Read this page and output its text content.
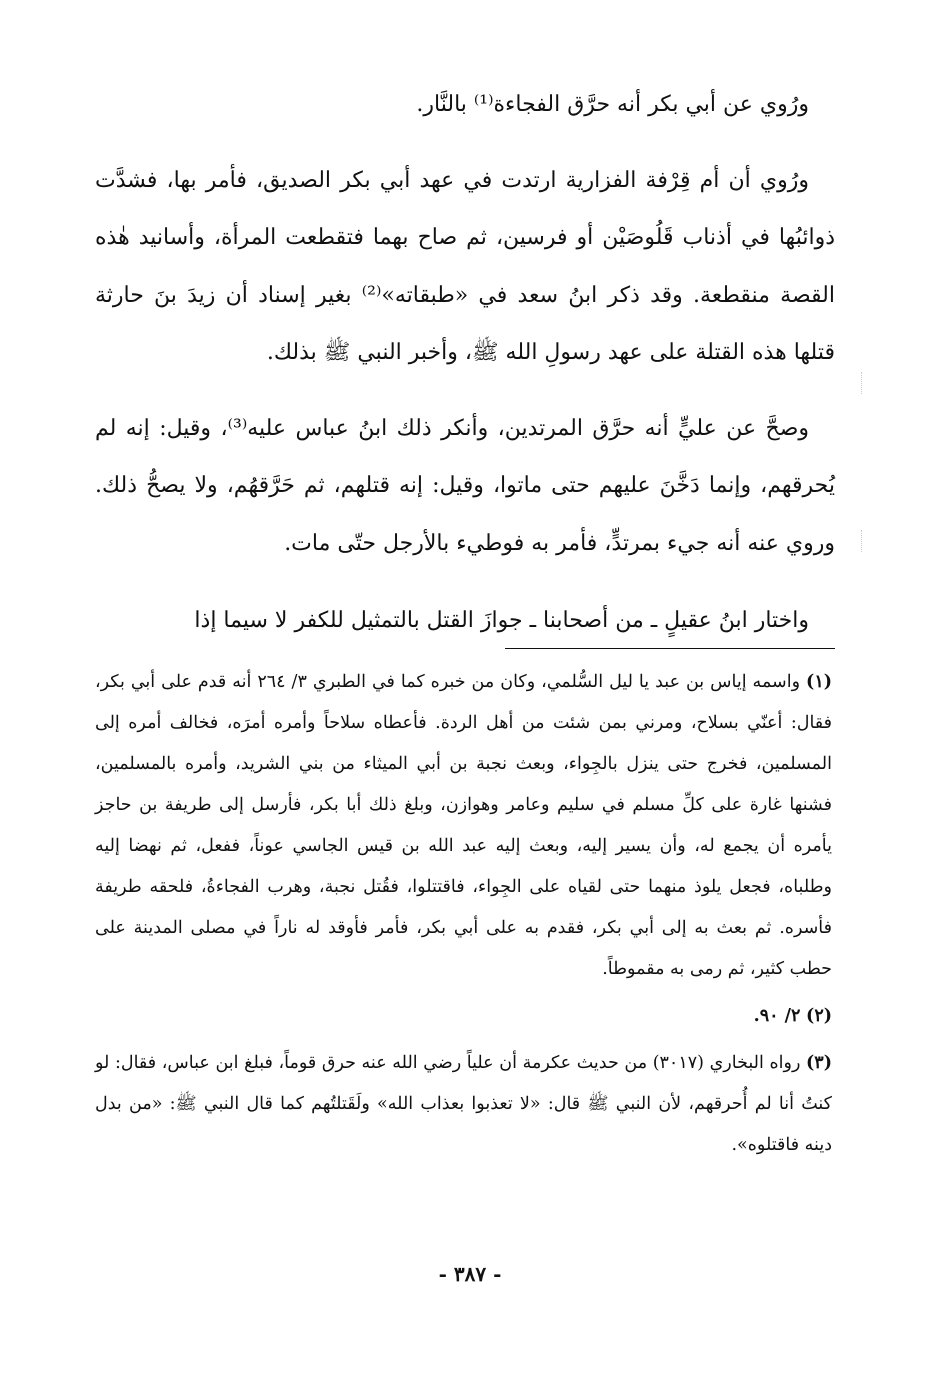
ورُوي عن أبي بكر أنه حرَّق الفجاءة⁽¹⁾ بالنَّار.

ورُوي أن أم قِرْفة الفزارية ارتدت في عهد أبي بكر الصديق، فأمر بها، فشدَّت ذوائبُها في أذناب قَلُوصَيْن أو فرسين، ثم صاح بهما فتقطعت المرأة، وأسانيد هٰذه القصة منقطعة. وقد ذكر ابنُ سعد في «طبقاته»⁽²⁾ بغير إسناد أن زيدَ بنَ حارثة قتلها هذه القتلة على عهد رسولِ الله ﷺ، وأخبر النبي ﷺ بذلك.

وصحَّ عن عليٍّ أنه حرَّق المرتدين، وأنكر ذلك ابنُ عباس عليه⁽³⁾، وقيل: إنه لم يُحرقهم، وإنما دَخَّنَ عليهم حتى ماتوا، وقيل: إنه قتلهم، ثم حَرَّقهُم، ولا يصحُّ ذلك. وروي عنه أنه جيء بمرتدٍّ، فأمر به فوطيء بالأرجل حتّى مات.

واختار ابنُ عقيلٍ ـ من أصحابنا ـ جوازَ القتل بالتمثيل للكفر لا سيما إذا

(١) واسمه إياس بن عبد يا ليل السُّلمي، وكان من خبره كما في الطبري ٣/ ٢٦٤ أنه قدم على أبي بكر، فقال: أعنّي بسلاح، ومرني بمن شئت من أهل الردة. فأعطاه سلاحاً وأمره أمرَه، فخالف أمره إلى المسلمين، فخرج حتى ينزل بالجِواء، وبعث نجبة بن أبي الميثاء من بني الشريد، وأمره بالمسلمين، فشنها غارة على كلِّ مسلم في سليم وعامر وهوازن، وبلغ ذلك أبا بكر، فأرسل إلى طريفة بن حاجز يأمره أن يجمع له، وأن يسير إليه، وبعث إليه عبد الله بن قيس الجاسي عوناً، ففعل، ثم نهضا إليه وطلباه، فجعل يلوذ منهما حتى لقياه على الجِواء، فاقتتلوا، فقُتل نجبة، وهرب الفجاءةُ، فلحقه طريفة فأسره. ثم بعث به إلى أبي بكر، فقدم به على أبي بكر، فأمر فأوقد له ناراً في مصلى المدينة على حطب كثير، ثم رمى به مقموطاً.

(٢) ٢/ ٩٠.

(٣) رواه البخاري (٣٠١٧) من حديث عكرمة أن علياً رضي الله عنه حرق قوماً، فبلغ ابن عباس، فقال: لو كنتُ أنا لم أُحرقهم، لأن النبي ﷺ قال: «لا تعذبوا بعذاب الله» ولَقَتلتُهم كما قال النبي ﷺ: «من بدل دينه فاقتلوه».

- ٣٨٧ -
